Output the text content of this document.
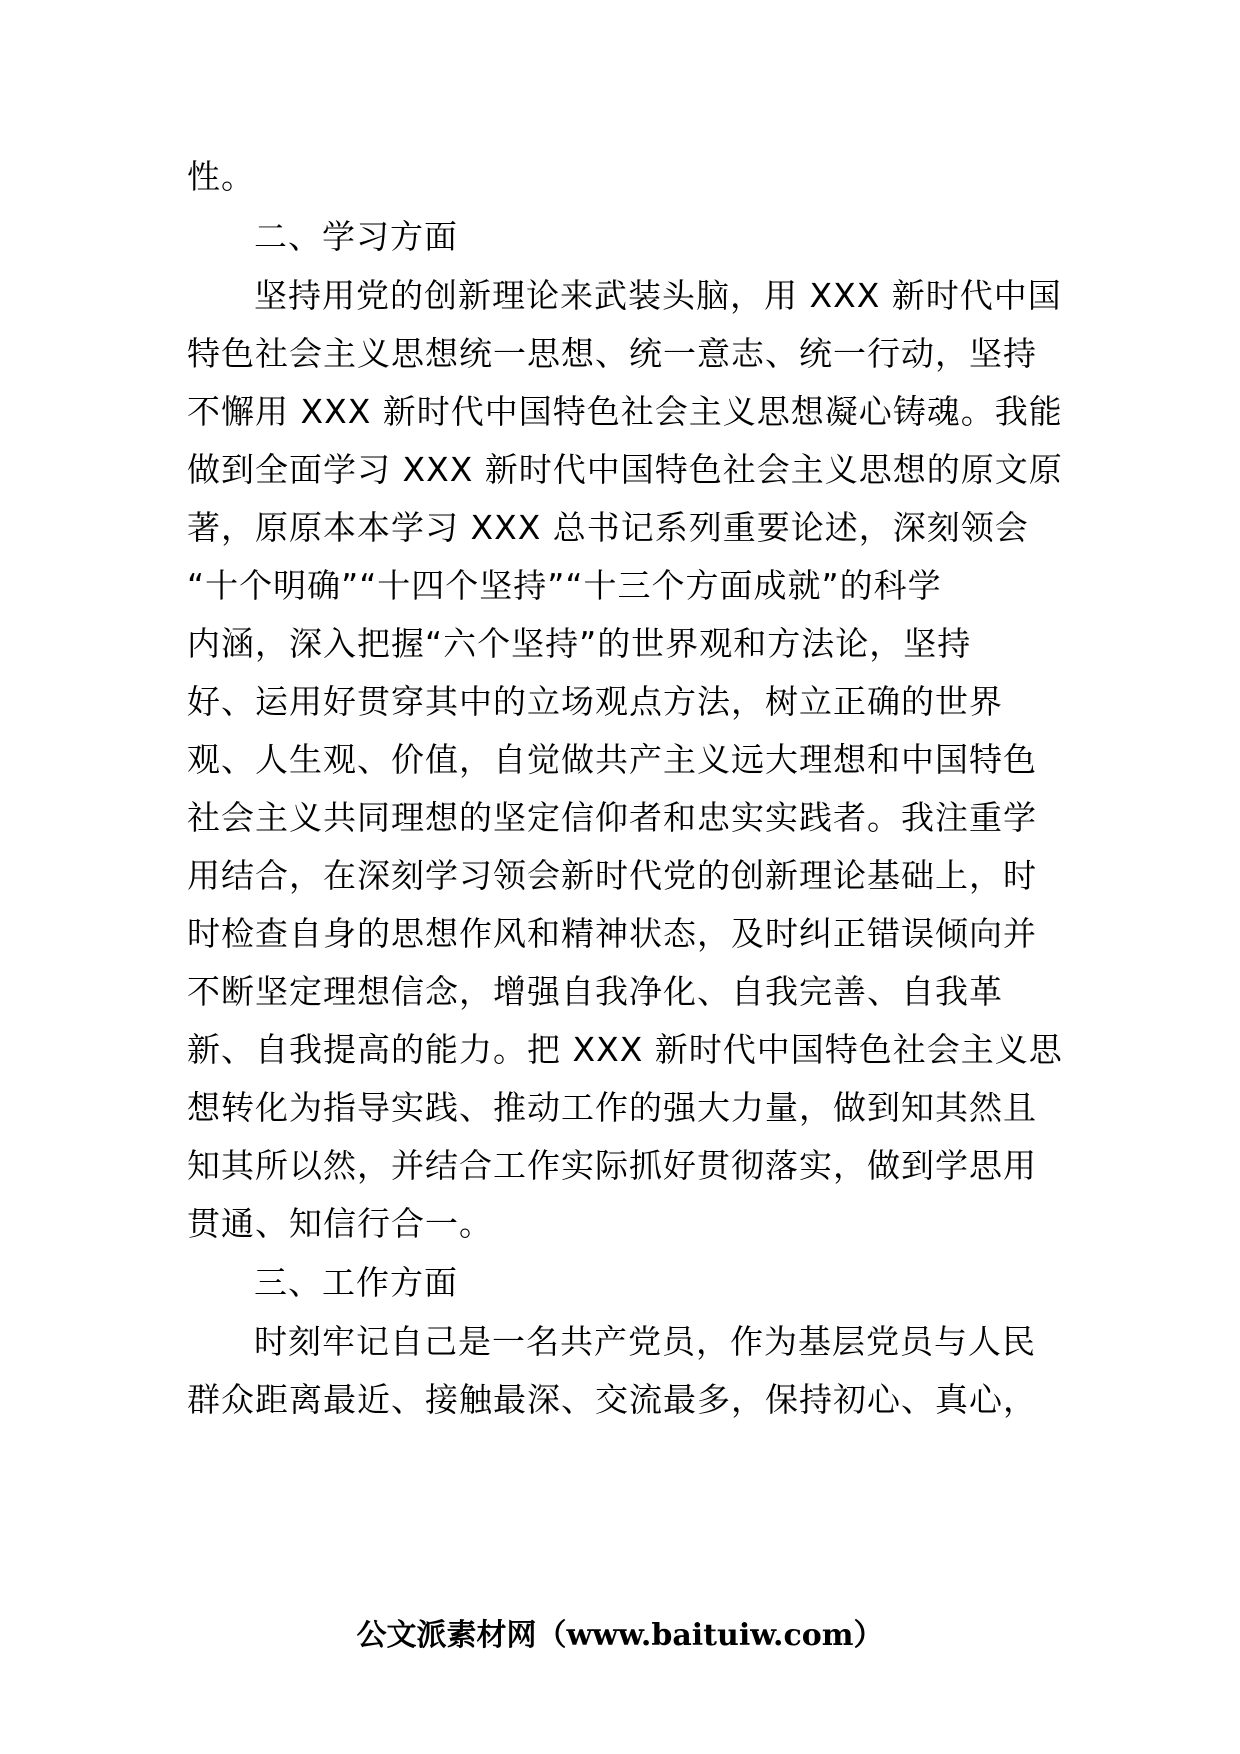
性。
二、学习方面
坚持用党的创新理论来武装头脑，用 XXX 新时代中国
特色社会主义思想统一思想、统一意志、统一行动，坚持
不懈用 XXX 新时代中国特色社会主义思想凝心铸魂。我能
做到全面学习 XXX 新时代中国特色社会主义思想的原文原
著，原原本本学习 XXX 总书记系列重要论述，深刻领会
“十个明确”“十四个坚持”“十三个方面成就”的科学
内涵，深入把握“六个坚持”的世界观和方法论，坚持
好、运用好贯穿其中的立场观点方法，树立正确的世界
观、人生观、价值，自觉做共产主义远大理想和中国特色
社会主义共同理想的坚定信仰者和忠实实践者。我注重学
用结合，在深刻学习领会新时代党的创新理论基础上，时
时检查自身的思想作风和精神状态，及时纠正错误倾向并
不断坚定理想信念，增强自我净化、自我完善、自我革
新、自我提高的能力。把 XXX 新时代中国特色社会主义思
想转化为指导实践、推动工作的强大力量，做到知其然且
知其所以然，并结合工作实际抓好贯彻落实，做到学思用
贯通、知信行合一。
三、工作方面
时刻牢记自己是一名共产党员，作为基层党员与人民
群众距离最近、接触最深、交流最多，保持初心、真心，
公文派素材网（www.baituiw.com）
